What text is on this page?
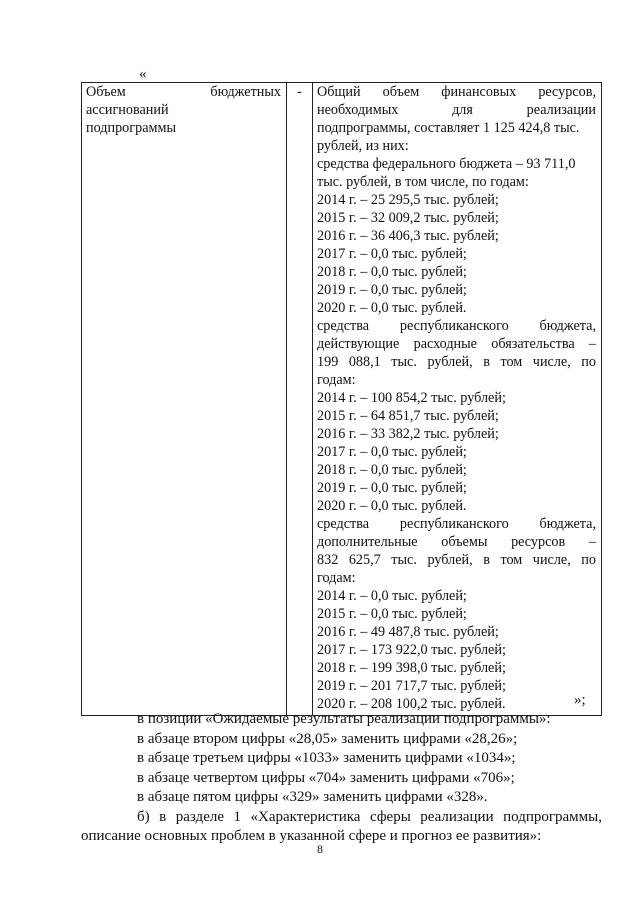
«
Объем бюджетных
ассигнований
подпрограммы
	-	Общий объем финансовых ресурсов,
необходимых для реализации
подпрограммы, составляет 1 125 424,8 тыс.
рублей, из них:
средства федерального бюджета – 93 711,0
тыс. рублей, в том числе, по годам:
2014 г. – 25 295,5 тыс. рублей;
2015 г. – 32 009,2 тыс. рублей;
2016 г. – 36 406,3 тыс. рублей;
2017 г. – 0,0 тыс. рублей;
2018 г. – 0,0 тыс. рублей;
2019 г. – 0,0 тыс. рублей;
2020 г. – 0,0 тыс. рублей.
средства республиканского бюджета,
действующие расходные обязательства –
199 088,1 тыс. рублей, в том числе, по
годам:
2014 г. – 100 854,2 тыс. рублей;
2015 г. – 64 851,7 тыс. рублей;
2016 г. – 33 382,2 тыс. рублей;
2017 г. – 0,0 тыс. рублей;
2018 г. – 0,0 тыс. рублей;
2019 г. – 0,0 тыс. рублей;
2020 г. – 0,0 тыс. рублей.
средства республиканского бюджета,
дополнительные объемы ресурсов –
832 625,7 тыс. рублей, в том числе, по
годам:
2014 г. – 0,0 тыс. рублей;
2015 г. – 0,0 тыс. рублей;
2016 г. – 49 487,8 тыс. рублей;
2017 г. – 173 922,0 тыс. рублей;
2018 г. – 199 398,0 тыс. рублей;
2019 г. – 201 717,7 тыс. рублей;
2020 г. – 208 100,2 тыс. рублей.	»;

в позиции «Ожидаемые результаты реализации подпрограммы»:

в абзаце втором цифры «28,05» заменить цифрами «28,26»;

в абзаце третьем цифры «1033» заменить цифрами «1034»;

в абзаце четвертом цифры «704» заменить цифрами «706»;

в абзаце пятом цифры «329» заменить цифрами «328».

б) в разделе 1 «Характеристика сферы реализации подпрограммы, описание основных проблем в указанной сфере и прогноз ее развития»:

8
